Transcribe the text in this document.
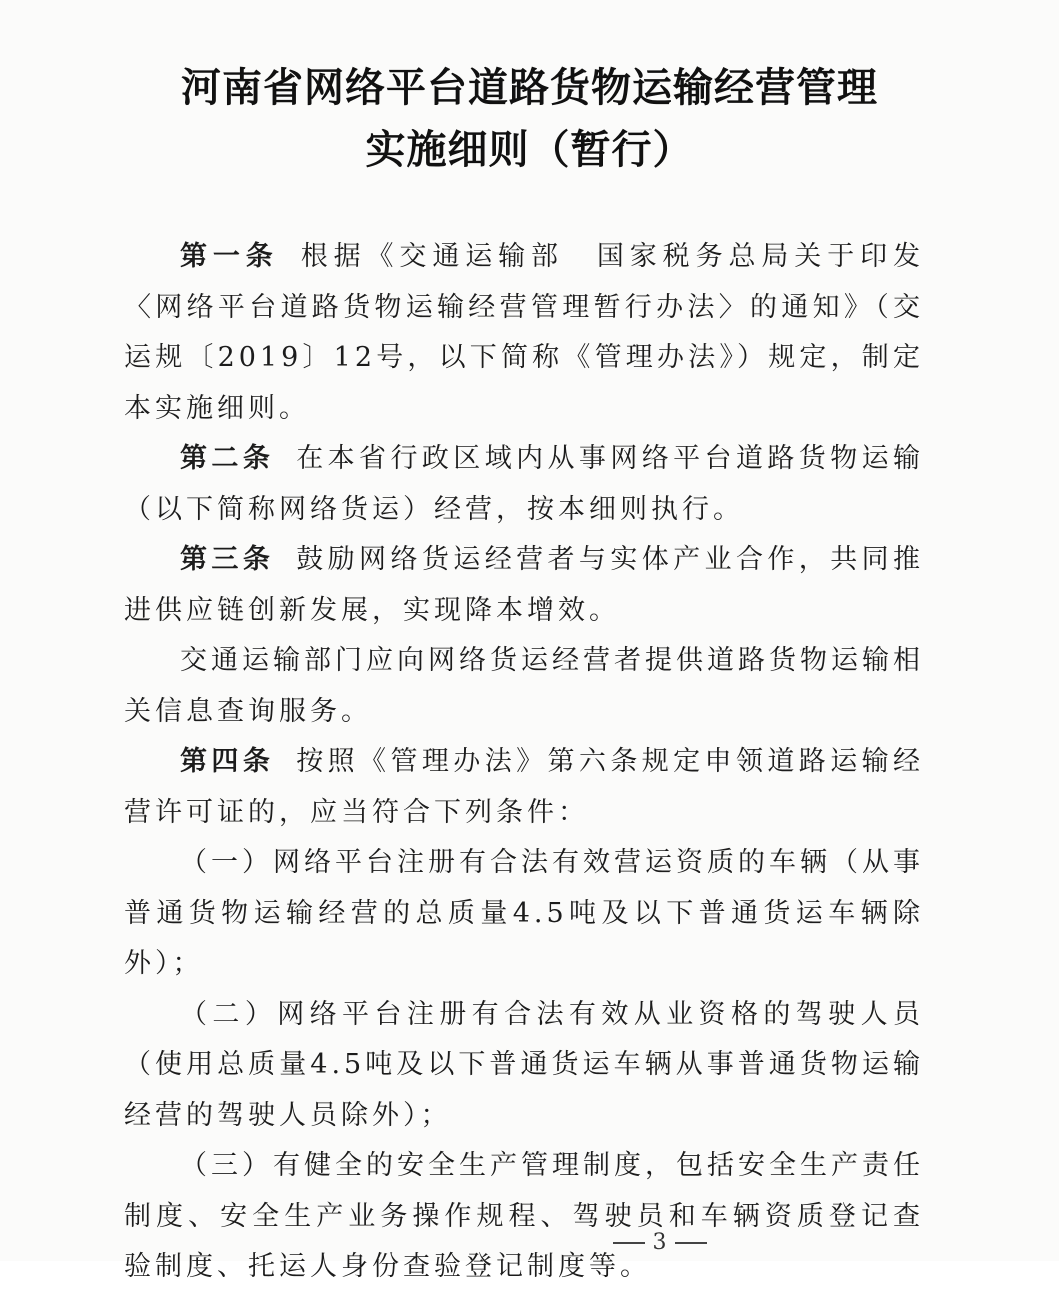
河南省网络平台道路货物运输经营管理
实施细则（暂行）

第一条 根据《交通运输部　国家税务总局关于印发〈网络平台道路货物运输经营管理暂行办法〉的通知》（交运规〔2019〕12号，以下简称《管理办法》）规定，制定本实施细则。

第二条 在本省行政区域内从事网络平台道路货物运输（以下简称网络货运）经营，按本细则执行。

第三条 鼓励网络货运经营者与实体产业合作，共同推进供应链创新发展，实现降本增效。

交通运输部门应向网络货运经营者提供道路货物运输相关信息查询服务。

第四条 按照《管理办法》第六条规定申领道路运输经营许可证的，应当符合下列条件：

（一）网络平台注册有合法有效营运资质的车辆（从事普通货物运输经营的总质量4.5吨及以下普通货运车辆除外）；

（二）网络平台注册有合法有效从业资格的驾驶人员（使用总质量4.5吨及以下普通货运车辆从事普通货物运输经营的驾驶人员除外）；

（三）有健全的安全生产管理制度，包括安全生产责任制度、安全生产业务操作规程、驾驶员和车辆资质登记查验制度、托运人身份查验登记制度等。

3
